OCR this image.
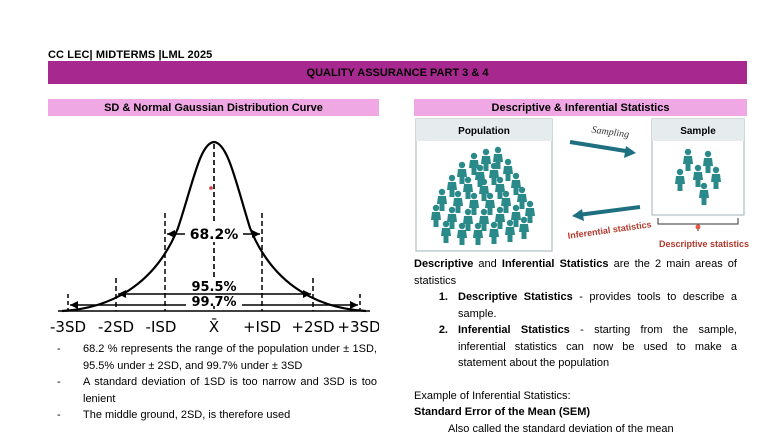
CC LEC| MIDTERMS |LML 2025
QUALITY ASSURANCE PART 3 & 4
SD & Normal Gaussian Distribution Curve
68.2%
95.5%
99.7%
-3SD -2SD -ISD X̄ +ISD +2SD +3SD
-	68.2 % represents the range of the population under ± 1SD, 95.5% under ± 2SD, and 99.7% under ± 3SD
-	A standard deviation of 1SD is too narrow and 3SD is too lenient
-	The middle ground, 2SD, is therefore used
Descriptive & Inferential Statistics
Population	Sample
Descriptive statistics
Sampling
Inferential statistics
Descriptive and Inferential Statistics are the 2 main areas of statistics
1. Descriptive Statistics - provides tools to describe a sample.
2. Inferential Statistics - starting from the sample, inferential statistics can now be used to make a statement about the population
Example of Inferential Statistics:
Standard Error of the Mean (SEM)
Also called the standard deviation of the mean
